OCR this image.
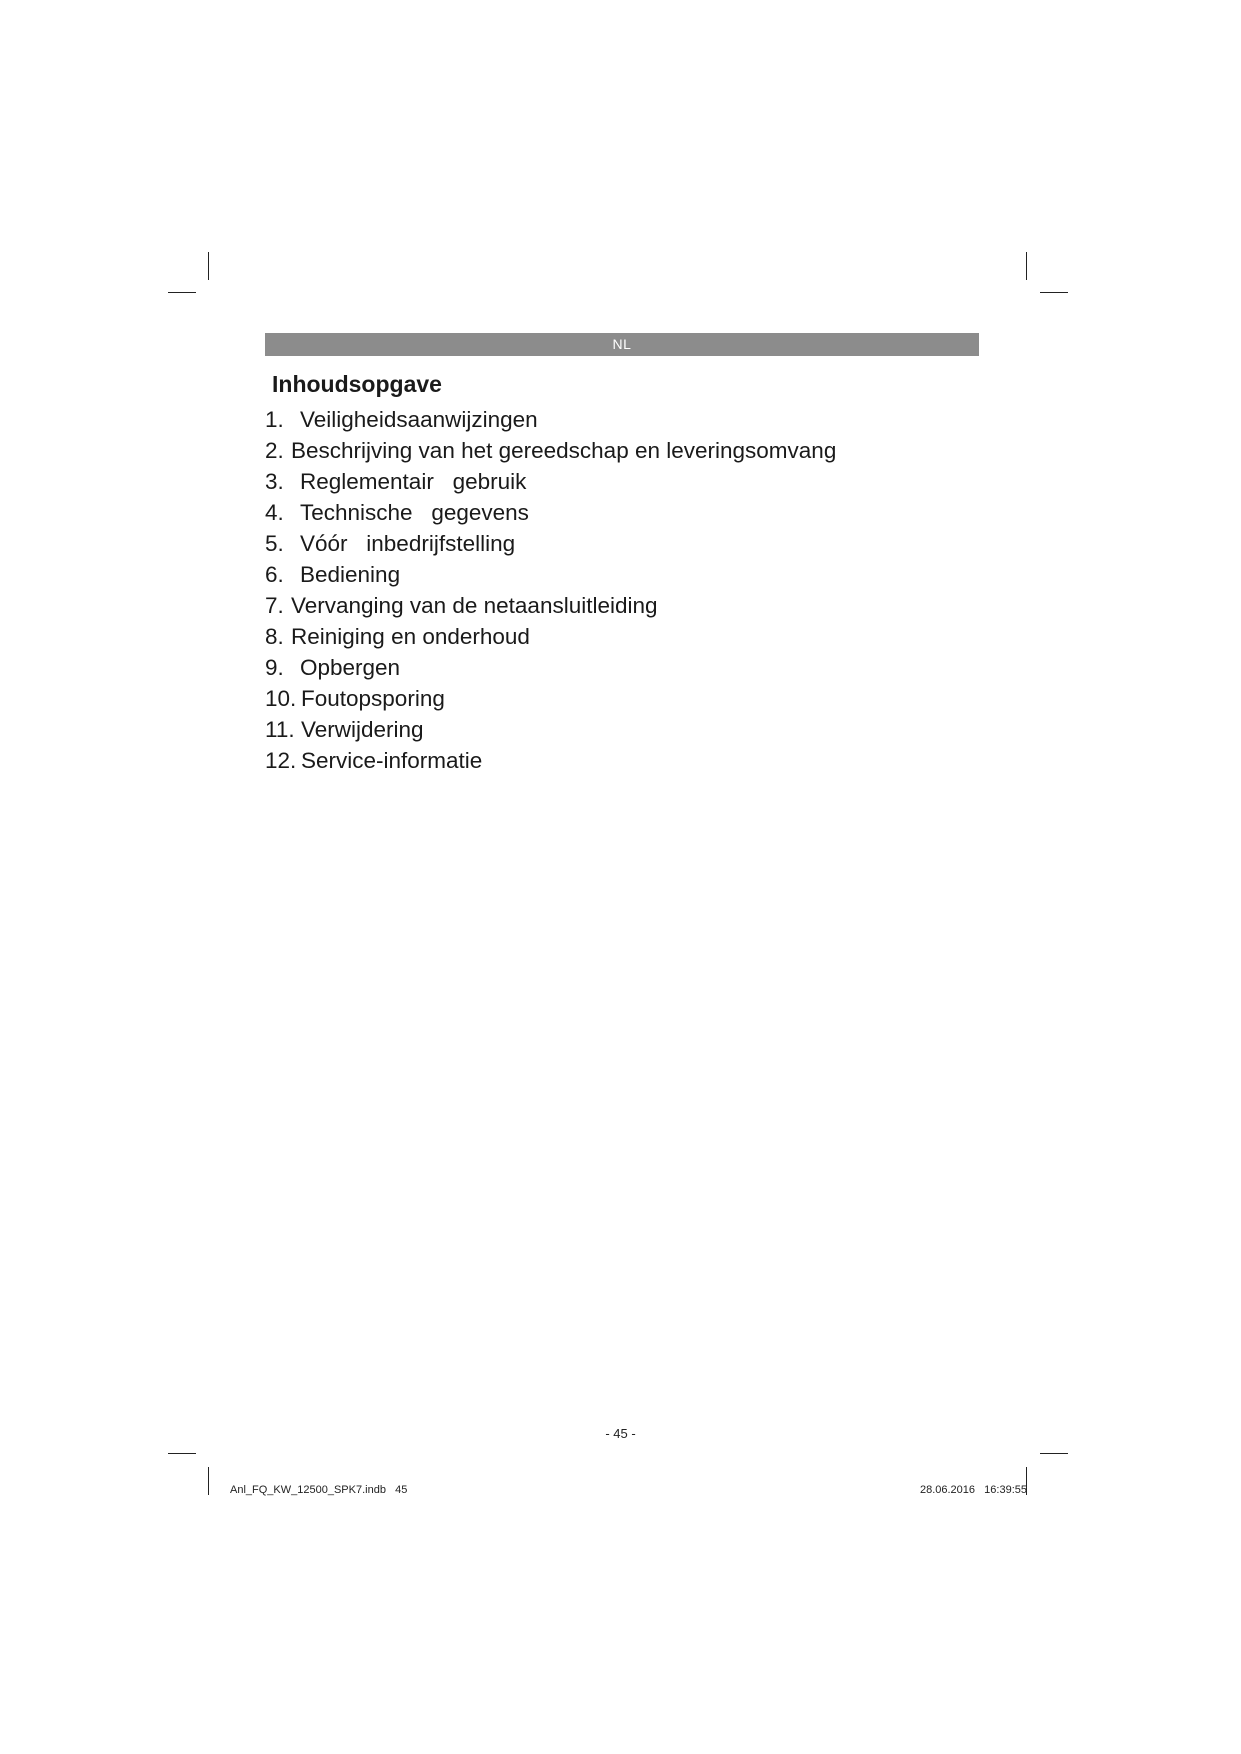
NL
Inhoudsopgave
1. Veiligheidsaanwijzingen
2. Beschrijving van het gereedschap en leveringsomvang
3. Reglementair   gebruik
4. Technische   gegevens
5. Vóór   inbedrijfstelling
6. Bediening
7. Vervanging van de netaansluitleiding
8. Reiniging en onderhoud
9. Opbergen
10. Foutopsporing
11. Verwijdering
12. Service-informatie
- 45 -
Anl_FQ_KW_12500_SPK7.indb   45	28.06.2016   16:39:55
